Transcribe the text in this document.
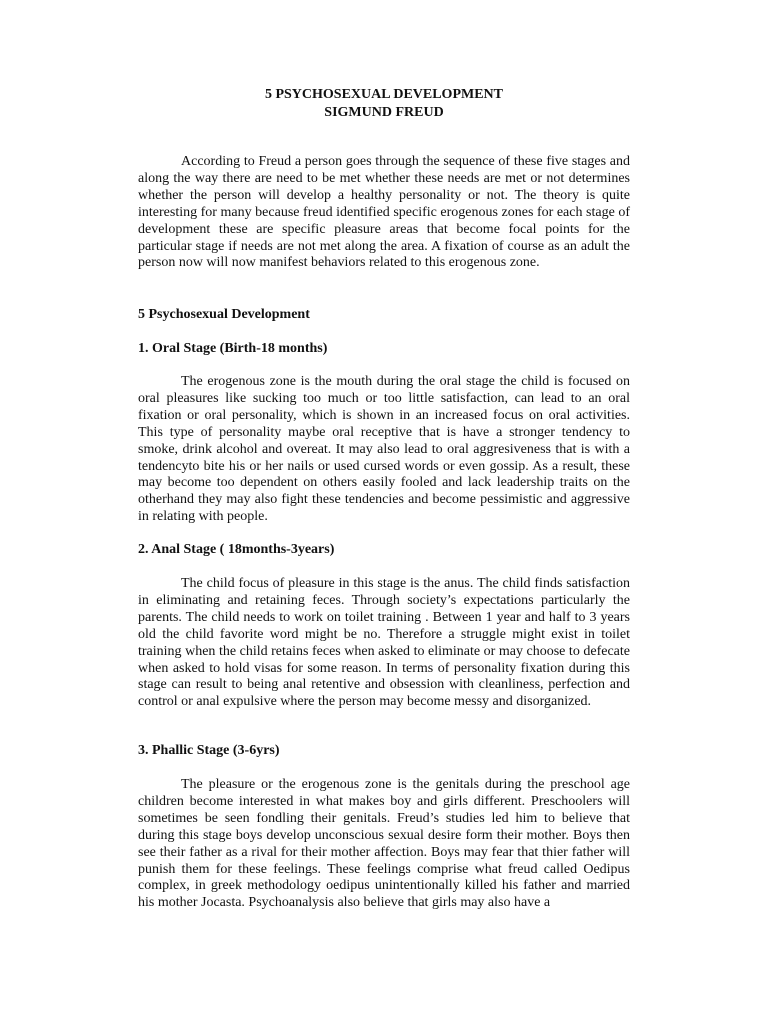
5 PSYCHOSEXUAL DEVELOPMENT
SIGMUND FREUD

According to Freud a person goes through the sequence of these five stages and along the way there are need to be met whether these needs are met or not determines whether the person will develop a healthy personality or not. The theory is quite interesting for many because freud identified specific erogenous zones for each stage of development these are specific pleasure areas that become focal points for the particular stage if needs are not met along the area. A fixation of course as an adult the person now will now manifest behaviors related to this erogenous zone.

5 Psychosexual Development
1. Oral Stage (Birth-18 months)

The erogenous zone is the mouth during the oral stage the child is focused on oral pleasures like sucking too much or too little satisfaction, can lead to an oral fixation or oral personality, which is shown in an increased focus on oral activities. This type of personality maybe oral receptive that is have a stronger tendency to smoke, drink alcohol and overeat. It may also lead to oral aggresiveness that is with a tendencyto bite his or her nails or used cursed words or even gossip. As a result, these may become too dependent on others easily fooled and lack leadership traits on the otherhand they may also fight these tendencies and become pessimistic and aggressive in relating with people.

2. Anal Stage ( 18months-3years)

The child focus of pleasure in this stage is the anus. The child finds satisfaction in eliminating and retaining feces. Through society’s expectations particularly the parents. The child needs to work on toilet training . Between 1 year and half to 3 years old the child favorite word might be no. Therefore a struggle might exist in toilet training when the child retains feces when asked to eliminate or may choose to defecate when asked to hold visas for some reason. In terms of personality fixation during this stage can result to being anal retentive and obsession with cleanliness, perfection and control or anal expulsive where the person may become messy and disorganized.

3. Phallic Stage (3-6yrs)

The pleasure or the erogenous zone is the genitals during the preschool age children become interested in what makes boy and girls different. Preschoolers will sometimes be seen fondling their genitals. Freud’s studies led him to believe that during this stage boys develop unconscious sexual desire form their mother. Boys then see their father as a rival for their mother affection. Boys may fear that thier father will punish them for these feelings. These feelings comprise what freud called Oedipus complex, in greek methodology oedipus unintentionally killed his father and married his mother Jocasta. Psychoanalysis also believe that girls may also have a
